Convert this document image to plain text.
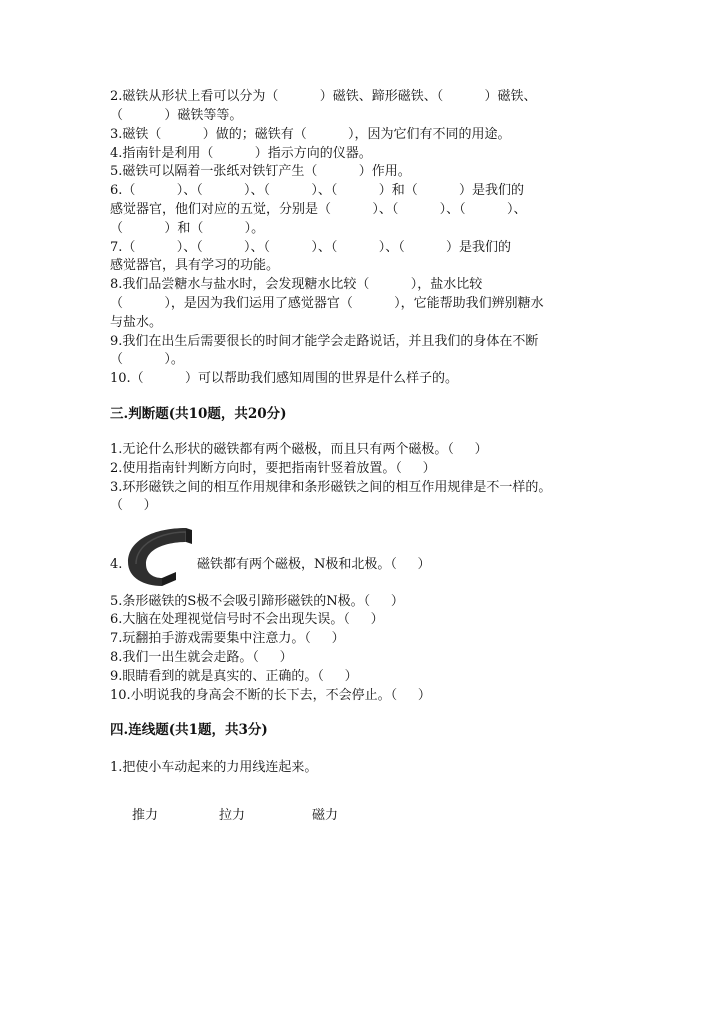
2.磁铁从形状上看可以分为（          ）磁铁、蹄形磁铁、（          ）磁铁、

（          ）磁铁等等。

3.磁铁（          ）做的；磁铁有（          ），因为它们有不同的用途。

4.指南针是利用（          ）指示方向的仪器。

5.磁铁可以隔着一张纸对铁钉产生（          ）作用。

6.（          ）、（          ）、（          ）、（          ）和（          ）是我们的

感觉器官，他们对应的五觉，分别是（          ）、（          ）、（          ）、

（          ）和（          ）。

7.（          ）、（          ）、（          ）、（          ）、（          ）是我们的

感觉器官，具有学习的功能。

8.我们品尝糖水与盐水时，会发现糖水比较（          ），盐水比较

（          ），是因为我们运用了感觉器官（          ），它能帮助我们辨别糖水

与盐水。

9.我们在出生后需要很长的时间才能学会走路说话，并且我们的身体在不断

（          ）。

10.（          ）可以帮助我们感知周围的世界是什么样子的。

三.判断题(共10题，共20分)

1.无论什么形状的磁铁都有两个磁极，而且只有两个磁极。（     ）

2.使用指南针判断方向时，要把指南针竖着放置。（     ）

3.环形磁铁之间的相互作用规律和条形磁铁之间的相互作用规律是不一样的。

（     ）

4.	磁铁都有两个磁极，N极和北极。（     ）

5.条形磁铁的S极不会吸引蹄形磁铁的N极。（     ）

6.大脑在处理视觉信号时不会出现失误。（     ）

7.玩翻拍手游戏需要集中注意力。（     ）

8.我们一出生就会走路。（     ）

9.眼睛看到的就是真实的、正确的。（     ）

10.小明说我的身高会不断的长下去，不会停止。（     ）

四.连线题(共1题，共3分)

1.把使小车动起来的力用线连起来。

推力	拉力	磁力
